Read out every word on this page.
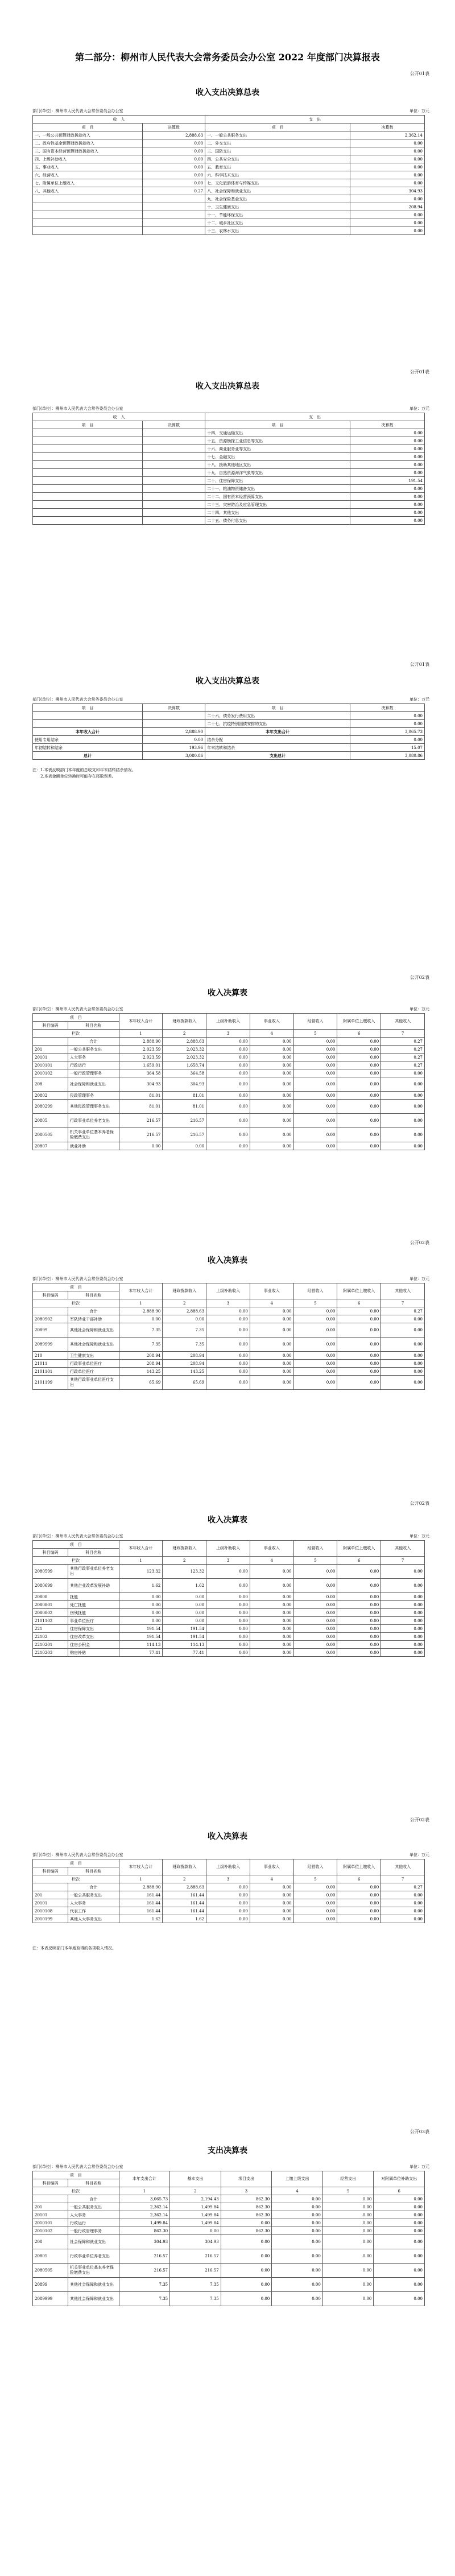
第二部分：柳州市人民代表大会常务委员会办公室 2022 年度部门决算报表
公开01表
收入支出决算总表
部门(单位)：柳州市人民代表大会常务委员会办公室	单位：万元
收　入		支　出	
项　目	决算数	项　目	决算数
一、一般公共预算财政拨款收入	2,888.63	一、一般公共服务支出	2,362.14
二、政府性基金预算财政拨款收入	0.00	二、外交支出	0.00
三、国有资本经营预算财政拨款收入	0.00	三、国防支出	0.00
四、上级补助收入	0.00	四、公共安全支出	0.00
五、事业收入	0.00	五、教育支出	0.00
六、经营收入	0.00	六、科学技术支出	0.00
七、附属单位上缴收入	0.00	七、文化旅游体育与传媒支出	0.00
八、其他收入	0.27	八、社会保障和就业支出	304.93
		九、社会保险基金支出	0.00
		十、卫生健康支出	208.94
		十一、节能环保支出	0.00
		十二、城乡社区支出	0.00
		十三、农林水支出	0.00
公开01表
收入支出决算总表
部门(单位)：柳州市人民代表大会常务委员会办公室	单位：万元
收　入		支　出	
项　目	决算数	项　目	决算数
		十四、交通运输支出	0.00
		十五、资源勘探工业信息等支出	0.00
		十六、商业服务业等支出	0.00
		十七、金融支出	0.00
		十八、援助其他地区支出	0.00
		十九、自然资源海洋气象等支出	0.00
		二十、住房保障支出	191.54
		二十一、粮油物资储备支出	0.00
		二十二、国有资本经营预算支出	0.00
		二十三、灾害防治及应急管理支出	0.00
		二十四、其他支出	0.00
		二十五、债务付息支出	0.00
公开01表
收入支出决算总表
部门(单位)：柳州市人民代表大会常务委员会办公室	单位：万元
项　目	决算数	项　目	决算数
		二十六、债务发行费用支出	0.00
		二十七、抗疫特别国债安排的支出	0.00
本年收入合计	2,888.90	本年支出合计	3,065.73
使用专用结余	0.00	结余分配	0.00
年初结转和结余	193.96	年末结转和结余	15.07
总计	3,080.86	支出总计	3,080.86
注：1.本表反映部门本年度的总收支和年末结转结余情况。
　　2.本表金额单位转换时可能存在尾数误差。
公开02表
收入决算表
部门(单位)：柳州市人民代表大会常务委员会办公室	单位：万元
项　目		本年收入合计	财政拨款收入	上级补助收入	事业收入	经营收入	附属单位上缴收入	其他收入
科目编码	科目名称							
栏次		1	2	3	4	5	6	7
	合计	2,888.90	2,888.63	0.00	0.00	0.00	0.00	0.27
201	一般公共服务支出	2,023.59	2,023.32	0.00	0.00	0.00	0.00	0.27
20101	人大事务	2,023.59	2,023.32	0.00	0.00	0.00	0.00	0.27
2010101	行政运行	1,659.01	1,658.74	0.00	0.00	0.00	0.00	0.27
2010102	一般行政管理事务	364.58	364.58	0.00	0.00	0.00	0.00	0.00
208	社会保障和就业支出	304.93	304.93	0.00	0.00	0.00	0.00	0.00
20802	民政管理事务	81.01	81.01	0.00	0.00	0.00	0.00	0.00
2080299	其他民政管理事务支出	81.01	81.01	0.00	0.00	0.00	0.00	0.00
20805	行政事业单位养老支出	216.57	216.57	0.00	0.00	0.00	0.00	0.00
2080505	机关事业单位基本养老保险缴费支出	216.57	216.57	0.00	0.00	0.00	0.00	0.00
20807	就业补助	0.00	0.00	0.00	0.00	0.00	0.00	0.00
公开02表
收入决算表
部门(单位)：柳州市人民代表大会常务委员会办公室	单位：万元
项　目		本年收入合计	财政拨款收入	上级补助收入	事业收入	经营收入	附属单位上缴收入	其他收入
科目编码	科目名称							
栏次		1	2	3	4	5	6	7
	合计	2,888.90	2,888.63	0.00	0.00	0.00	0.00	0.27
2080902	军队转业干部补助	0.00	0.00	0.00	0.00	0.00	0.00	0.00
20899	其他社会保障和就业支出	7.35	7.35	0.00	0.00	0.00	0.00	0.00
2089999	其他社会保障和就业支出	7.35	7.35	0.00	0.00	0.00	0.00	0.00
210	卫生健康支出	208.94	208.94	0.00	0.00	0.00	0.00	0.00
21011	行政事业单位医疗	208.94	208.94	0.00	0.00	0.00	0.00	0.00
2101101	行政单位医疗	143.25	143.25	0.00	0.00	0.00	0.00	0.00
2101199	其他行政事业单位医疗支出	65.69	65.69	0.00	0.00	0.00	0.00	0.00
公开02表
收入决算表
部门(单位)：柳州市人民代表大会常务委员会办公室	单位：万元
项　目		本年收入合计	财政拨款收入	上级补助收入	事业收入	经营收入	附属单位上缴收入	其他收入
科目编码	科目名称							
栏次		1	2	3	4	5	6	7
2080599	其他行政事业单位养老支出	123.32	123.32	0.00	0.00	0.00	0.00	0.00
2080699	其他企业改革发展补助	1.62	1.62	0.00	0.00	0.00	0.00	0.00
20808	抚恤	0.00	0.00	0.00	0.00	0.00	0.00	0.00
2080801	死亡抚恤	0.00	0.00	0.00	0.00	0.00	0.00	0.00
2080802	伤残抚恤	0.00	0.00	0.00	0.00	0.00	0.00	0.00
2101102	事业单位医疗	0.00	0.00	0.00	0.00	0.00	0.00	0.00
221	住房保障支出	191.54	191.54	0.00	0.00	0.00	0.00	0.00
22102	住房改革支出	191.54	191.54	0.00	0.00	0.00	0.00	0.00
2210201	住房公积金	114.13	114.13	0.00	0.00	0.00	0.00	0.00
2210203	购房补贴	77.41	77.41	0.00	0.00	0.00	0.00	0.00
公开02表
收入决算表
部门(单位)：柳州市人民代表大会常务委员会办公室	单位：万元
项　目		本年收入合计	财政拨款收入	上级补助收入	事业收入	经营收入	附属单位上缴收入	其他收入
科目编码	科目名称							
栏次		1	2	3	4	5	6	7
	合计	2,888.90	2,888.63	0.00	0.00	0.00	0.00	0.27
201	一般公共服务支出	161.44	161.44	0.00	0.00	0.00	0.00	0.00
20101	人大事务	161.44	161.44	0.00	0.00	0.00	0.00	0.00
2010108	代表工作	161.44	161.44	0.00	0.00	0.00	0.00	0.00
2010199	其他人大事务支出	1.62	1.62	0.00	0.00	0.00	0.00	0.00
注：本表反映部门本年度取得的各项收入情况。
公开03表
支出决算表
部门(单位)：柳州市人民代表大会常务委员会办公室	单位：万元
项　目		本年支出合计	基本支出	项目支出	上缴上级支出	经营支出	对附属单位补助支出
科目编码	科目名称						
栏次		1	2	3	4	5	6
	合计	3,065.73	2,194.43	862.30	0.00	0.00	0.00
201	一般公共服务支出	2,362.14	1,499.84	862.30	0.00	0.00	0.00
20101	人大事务	2,362.14	1,499.84	862.30	0.00	0.00	0.00
2010101	行政运行	1,499.84	1,499.84	0.00	0.00	0.00	0.00
2010102	一般行政管理事务	862.30	0.00	862.30	0.00	0.00	0.00
208	社会保障和就业支出	304.93	304.93	0.00	0.00	0.00	0.00
20805	行政事业单位养老支出	216.57	216.57	0.00	0.00	0.00	0.00
2080505	机关事业单位基本养老保险缴费支出	216.57	216.57	0.00	0.00	0.00	0.00
20899	其他社会保障和就业支出	7.35	7.35	0.00	0.00	0.00	0.00
2089999	其他社会保障和就业支出	7.35	7.35	0.00	0.00	0.00	0.00
